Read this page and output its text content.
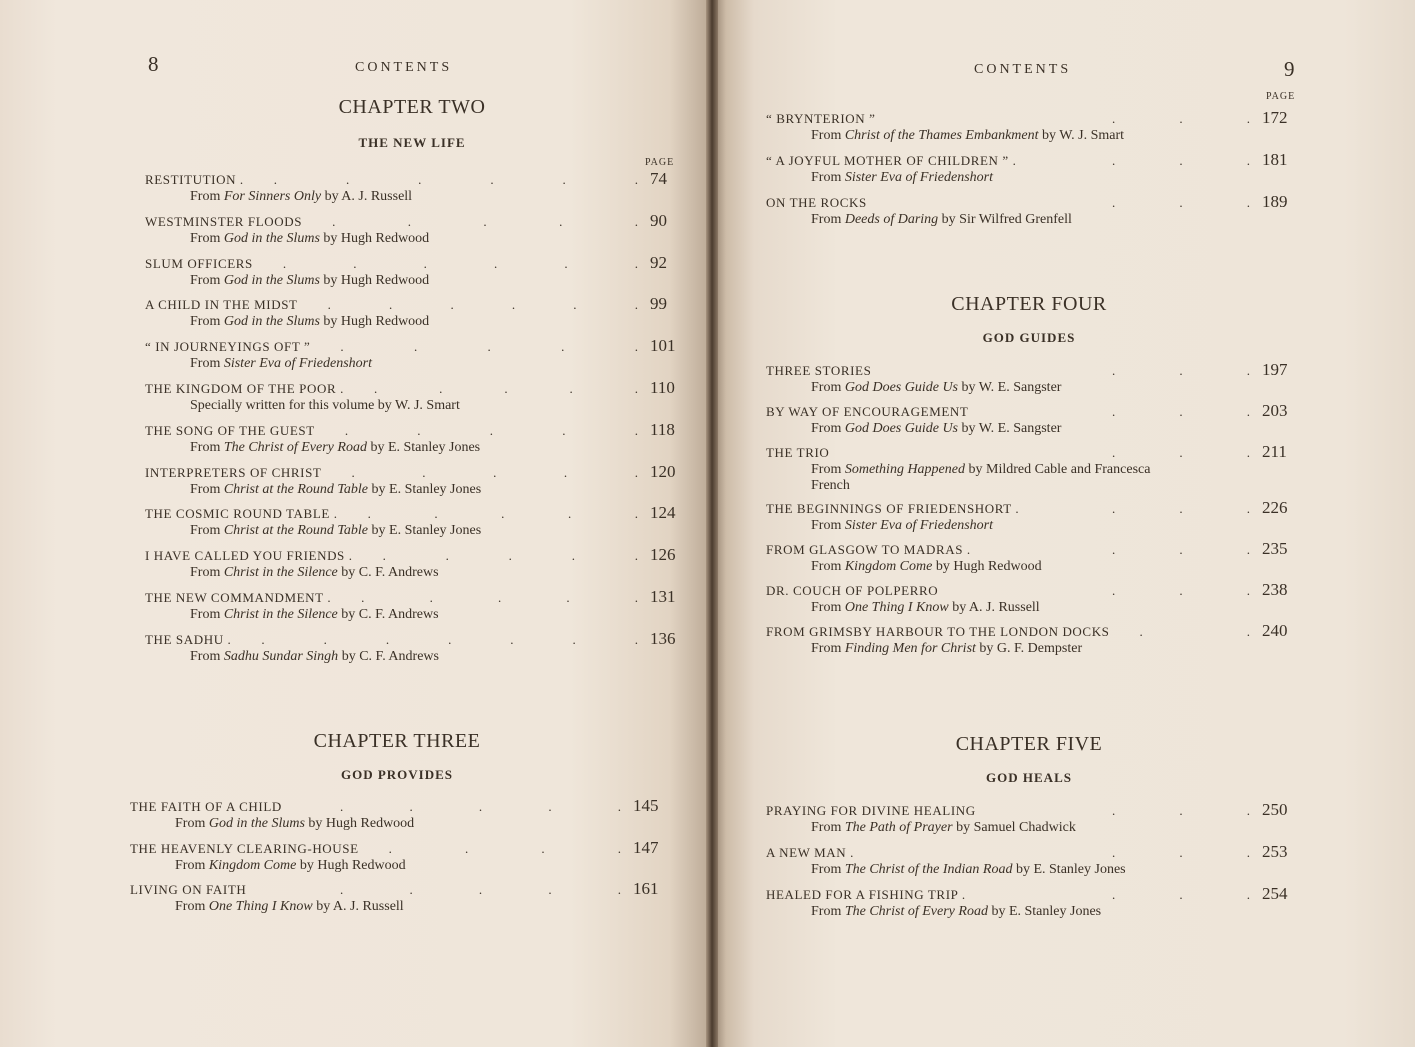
8	CONTENTS
CHAPTER TWO
THE NEW LIFE
PAGE
RESTITUTION . .	.	.	.	.	. 74
From For Sinners Only by A. J. Russell
WESTMINSTER FLOODS .	.	.	.	. 90
From God in the Slums by Hugh Redwood
SLUM OFFICERS .	.	.	.	.	. 92
From God in the Slums by Hugh Redwood
A CHILD IN THE MIDST .	.	.	.	.	. 99
From God in the Slums by Hugh Redwood
“ IN JOURNEYINGS OFT ” .	.	.	.	. 101
From Sister Eva of Friedenshort
THE KINGDOM OF THE POOR . .	.	.	.	. 110
Specially written for this volume by W. J. Smart
THE SONG OF THE GUEST .	.	.	.	. 118
From The Christ of Every Road by E. Stanley Jones
INTERPRETERS OF CHRIST .	.	.	.	. 120
From Christ at the Round Table by E. Stanley Jones
THE COSMIC ROUND TABLE . .	.	.	.	. 124
From Christ at the Round Table by E. Stanley Jones
I HAVE CALLED YOU FRIENDS . .	.	.	.	. 126
From Christ in the Silence by C. F. Andrews
THE NEW COMMANDMENT . .	.	.	.	. 131
From Christ in the Silence by C. F. Andrews
THE SADHU . .	.	.	.	.	.	. 136
From Sadhu Sundar Singh by C. F. Andrews
CHAPTER THREE
GOD PROVIDES
THE FAITH OF A CHILD	.	.	.	.	. 145
From God in the Slums by Hugh Redwood
THE HEAVENLY CLEARING-HOUSE .	.	.	. 147
From Kingdom Come by Hugh Redwood
LIVING ON FAITH	.	.	.	.	. 161
From One Thing I Know by A. J. Russell
CONTENTS	9
PAGE
“ BRYNTERION ”	.	.	. 172
From Christ of the Thames Embankment by W. J. Smart
“ A JOYFUL MOTHER OF CHILDREN ” .	.	.	. 181
From Sister Eva of Friedenshort
ON THE ROCKS	.	.	. 189
From Deeds of Daring by Sir Wilfred Grenfell
CHAPTER FOUR
GOD GUIDES
THREE STORIES	.	.	. 197
From God Does Guide Us by W. E. Sangster
BY WAY OF ENCOURAGEMENT	.	.	. 203
From God Does Guide Us by W. E. Sangster
THE TRIO	.	.	. 211
From Something Happened by Mildred Cable and Francesca
French
THE BEGINNINGS OF FRIEDENSHORT .	.	.	. 226
From Sister Eva of Friedenshort
FROM GLASGOW TO MADRAS .	.	.	. 235
From Kingdom Come by Hugh Redwood
DR. COUCH OF POLPERRO	.	.	. 238
From One Thing I Know by A. J. Russell
FROM GRIMSBY HARBOUR TO THE LONDON DOCKS .	. 240
From Finding Men for Christ by G. F. Dempster
CHAPTER FIVE
GOD HEALS
PRAYING FOR DIVINE HEALING	.	.	. 250
From The Path of Prayer by Samuel Chadwick
A NEW MAN .	.	.	. 253
From The Christ of the Indian Road by E. Stanley Jones
HEALED FOR A FISHING TRIP .	.	.	. 254
From The Christ of Every Road by E. Stanley Jones
